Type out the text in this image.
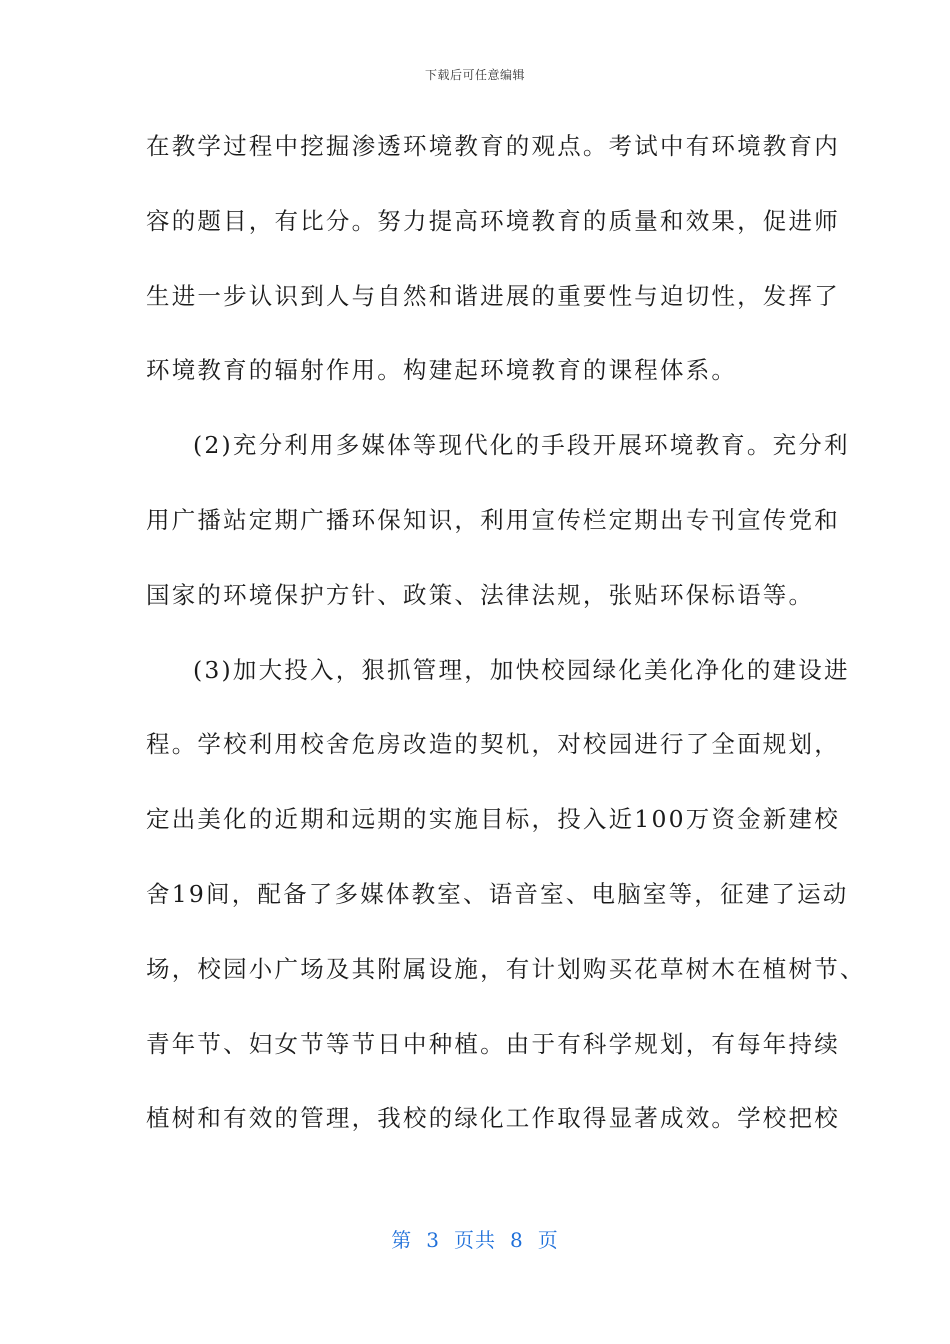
下载后可任意编辑
在教学过程中挖掘渗透环境教育的观点。考试中有环境教育内
容的题目，有比分。努力提高环境教育的质量和效果，促进师
生进一步认识到人与自然和谐进展的重要性与迫切性，发挥了
环境教育的辐射作用。构建起环境教育的课程体系。
(2)充分利用多媒体等现代化的手段开展环境教育。充分利
用广播站定期广播环保知识，利用宣传栏定期出专刊宣传党和
国家的环境保护方针、政策、法律法规，张贴环保标语等。
(3)加大投入，狠抓管理，加快校园绿化美化净化的建设进
程。学校利用校舍危房改造的契机，对校园进行了全面规划，
定出美化的近期和远期的实施目标，投入近100万资金新建校
舍19间，配备了多媒体教室、语音室、电脑室等，征建了运动
场，校园小广场及其附属设施，有计划购买花草树木在植树节、
青年节、妇女节等节日中种植。由于有科学规划，有每年持续
植树和有效的管理，我校的绿化工作取得显著成效。学校把校
第 3 页共 8 页
